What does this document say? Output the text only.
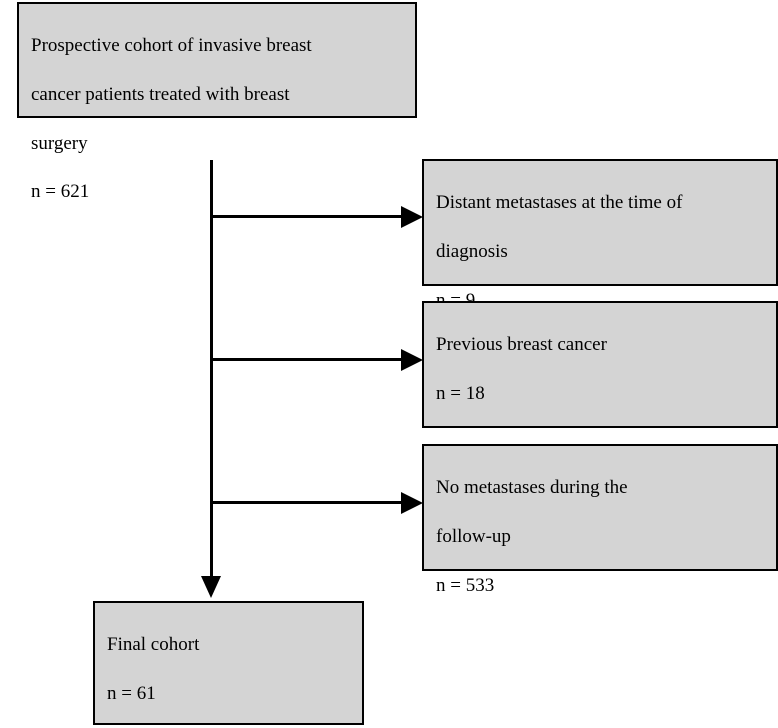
Prospective cohort of invasive breast

cancer patients treated with breast

surgery

n = 621

Distant metastases at the time of

diagnosis

Previous breast cancer

n = 18

No metastases during the

follow-up

n = 533

Final cohort

n = 61
